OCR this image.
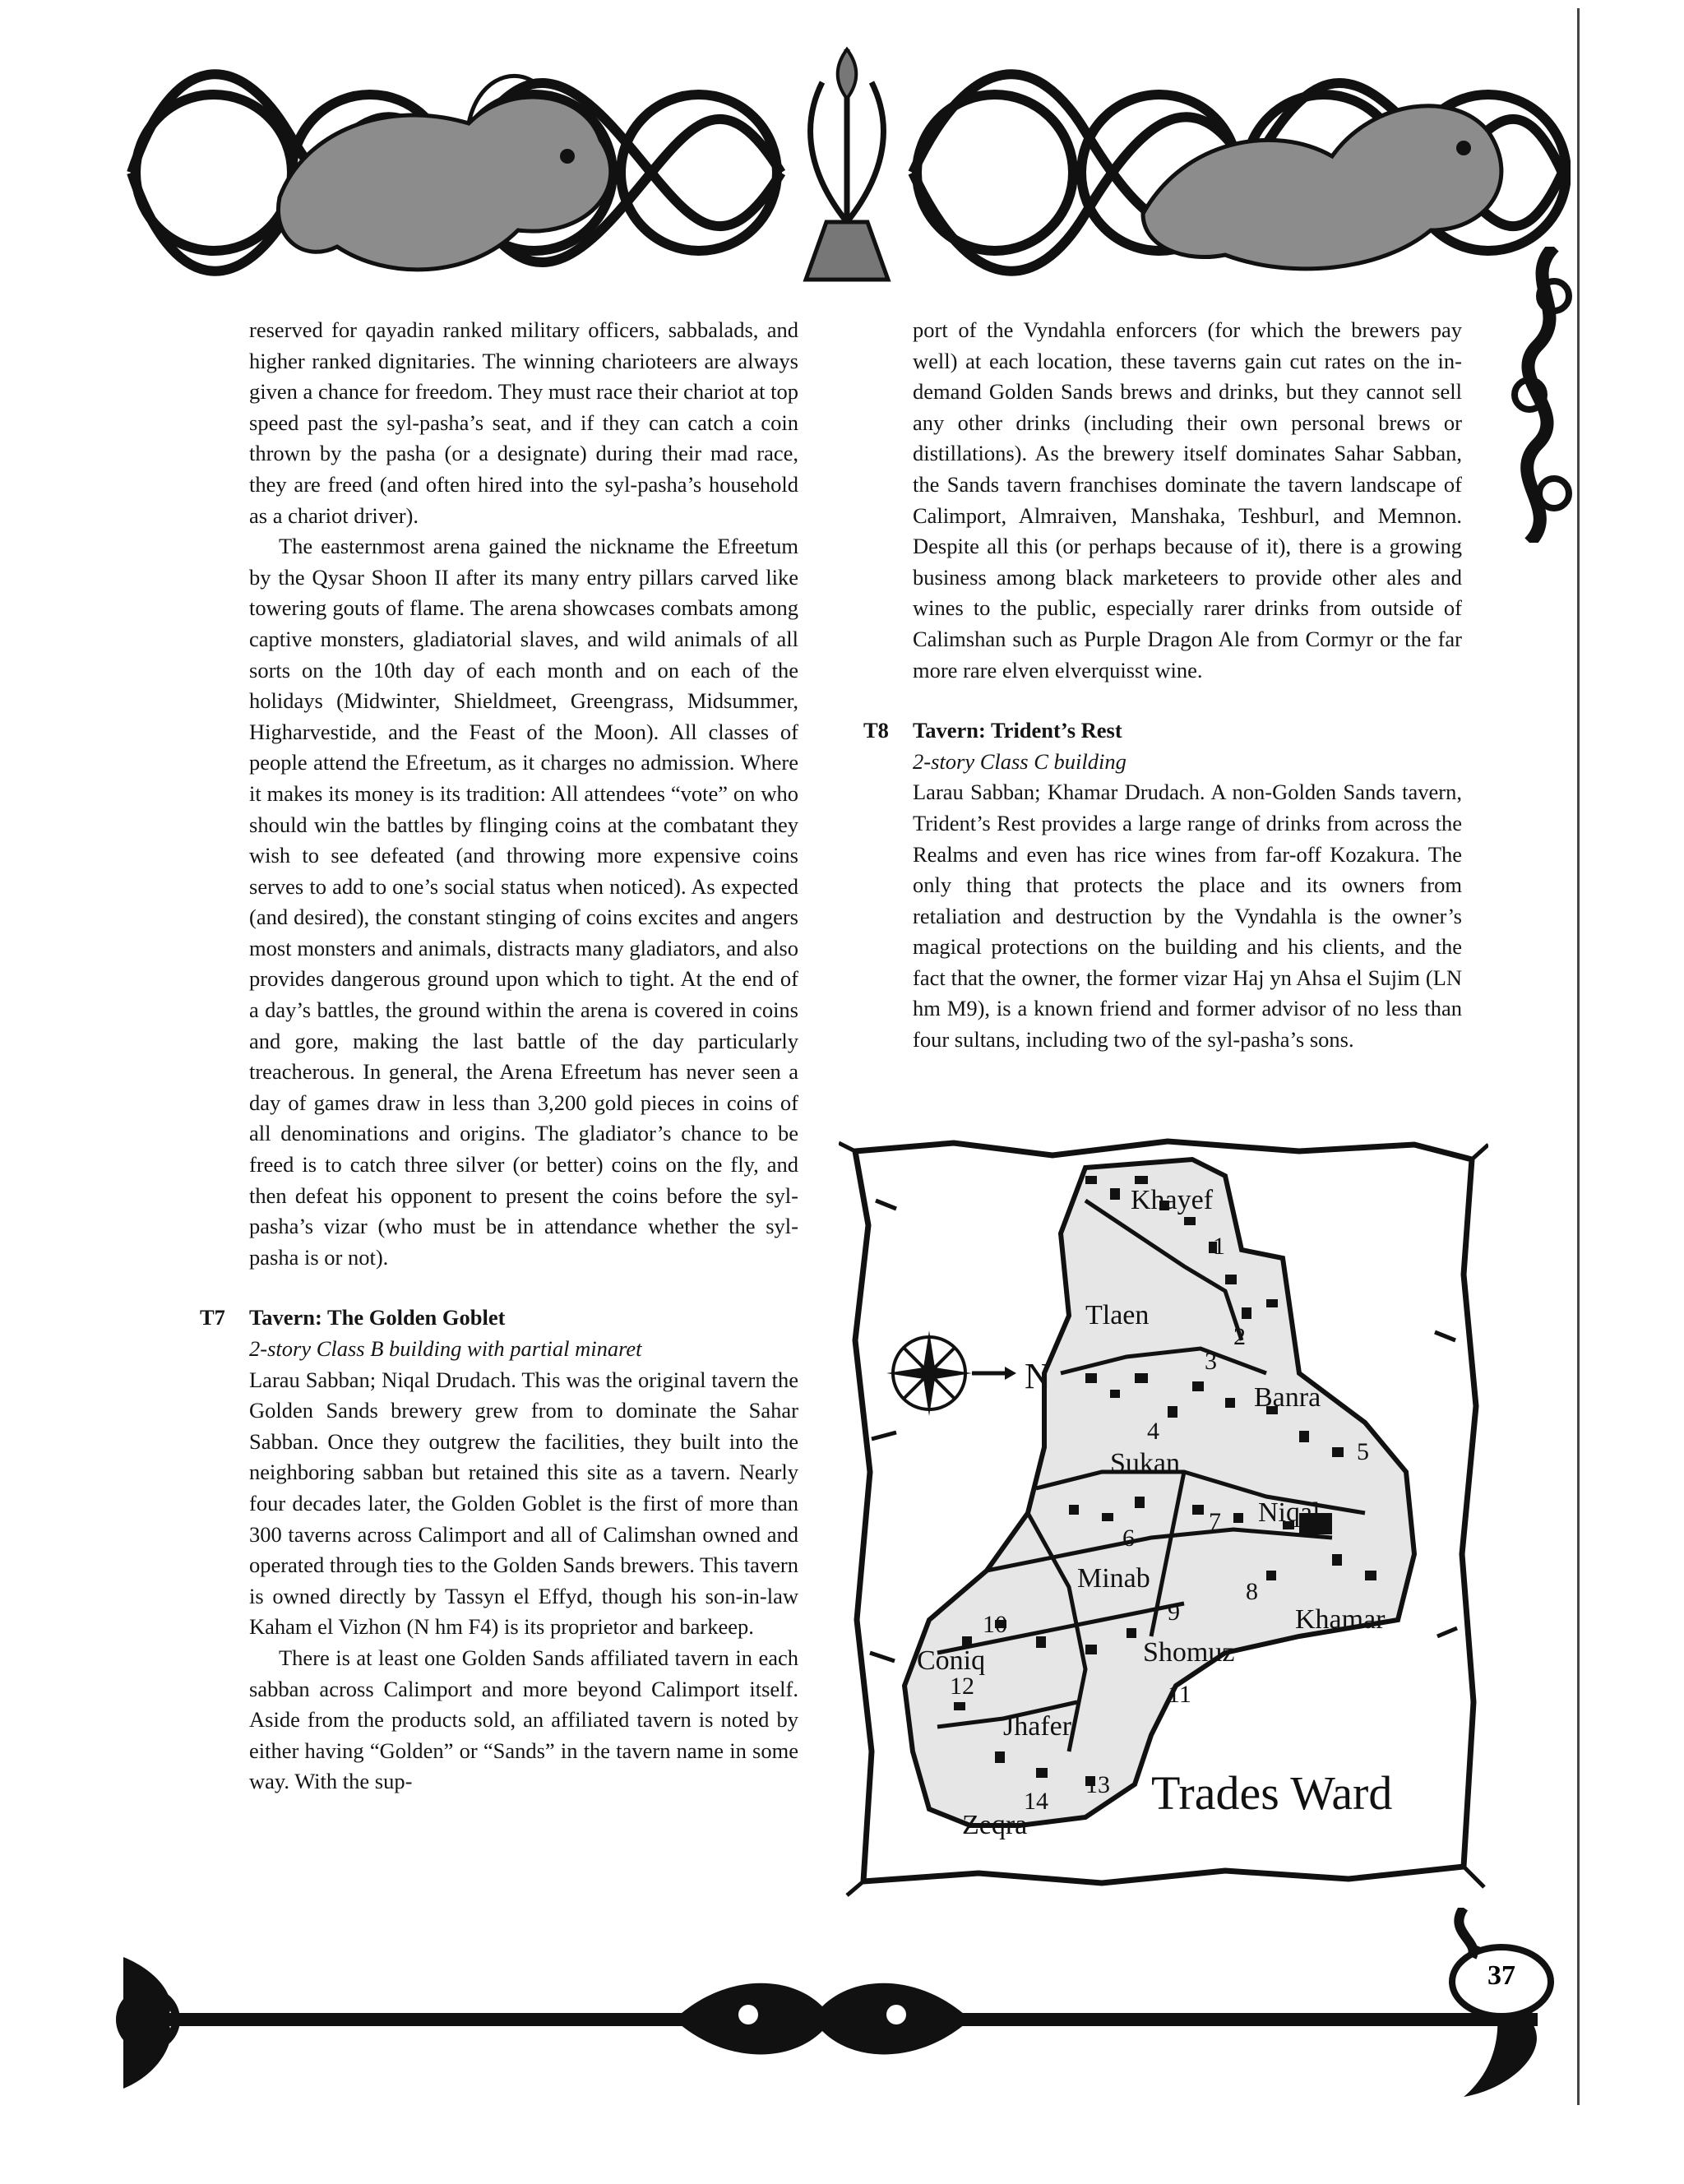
reserved for qayadin ranked military officers, sabbalads, and higher ranked dignitaries. The winning charioteers are always given a chance for freedom. They must race their chariot at top speed past the syl-pasha’s seat, and if they can catch a coin thrown by the pasha (or a designate) during their mad race, they are freed (and often hired into the syl-pasha’s household as a chariot driver).

The easternmost arena gained the nickname the Efreetum by the Qysar Shoon II after its many entry pillars carved like towering gouts of flame. The arena showcases combats among captive monsters, gladiatorial slaves, and wild animals of all sorts on the 10th day of each month and on each of the holidays (Midwinter, Shieldmeet, Greengrass, Midsummer, Higharvestide, and the Feast of the Moon). All classes of people attend the Efreetum, as it charges no admission. Where it makes its money is its tradition: All attendees “vote” on who should win the battles by flinging coins at the combatant they wish to see defeated (and throwing more expensive coins serves to add to one’s social status when noticed). As expected (and desired), the constant stinging of coins excites and angers most monsters and animals, distracts many gladiators, and also provides dangerous ground upon which to tight. At the end of a day’s battles, the ground within the arena is covered in coins and gore, making the last battle of the day particularly treacherous. In general, the Arena Efreetum has never seen a day of games draw in less than 3,200 gold pieces in coins of all denominations and origins. The gladiator’s chance to be freed is to catch three silver (or better) coins on the fly, and then defeat his opponent to present the coins before the syl-pasha’s vizar (who must be in attendance whether the syl-pasha is or not).

T7 Tavern: The Golden Goblet
2-story Class B building with partial minaret

Larau Sabban; Niqal Drudach. This was the original tavern the Golden Sands brewery grew from to dominate the Sahar Sabban. Once they outgrew the facilities, they built into the neighboring sabban but retained this site as a tavern. Nearly four decades later, the Golden Goblet is the first of more than 300 taverns across Calimport and all of Calimshan owned and operated through ties to the Golden Sands brewers. This tavern is owned directly by Tassyn el Effyd, though his son-in-law Kaham el Vizhon (N hm F4) is its proprietor and barkeep.

There is at least one Golden Sands affiliated tavern in each sabban across Calimport and more beyond Calimport itself. Aside from the products sold, an affiliated tavern is noted by either having “Golden” or “Sands” in the tavern name in some way. With the sup-

port of the Vyndahla enforcers (for which the brewers pay well) at each location, these taverns gain cut rates on the in-demand Golden Sands brews and drinks, but they cannot sell any other drinks (including their own personal brews or distillations). As the brewery itself dominates Sahar Sabban, the Sands tavern franchises dominate the tavern landscape of Calimport, Almraiven, Manshaka, Teshburl, and Memnon. Despite all this (or perhaps because of it), there is a growing business among black marketeers to provide other ales and wines to the public, especially rarer drinks from outside of Calimshan such as Purple Dragon Ale from Cormyr or the far more rare elven elverquisst wine.

T8 Tavern: Trident’s Rest
2-story Class C building

Larau Sabban; Khamar Drudach. A non-Golden Sands tavern, Trident’s Rest provides a large range of drinks from across the Realms and even has rice wines from far-off Kozakura. The only thing that protects the place and its owners from retaliation and destruction by the Vyndahla is the owner’s magical protections on the building and his clients, and the fact that the owner, the former vizar Haj yn Ahsa el Sujim (LN hm M9), is a known friend and former advisor of no less than four sultans, including two of the syl-pasha’s sons.

N
Khayef
Tlaen
Banra
Sukan
Niqal
Minab
Khamar
Shomuz
Coniq
Jhafer
Zeqra
1
2
3
4
5
6
7
8
9
10
11
12
13
14 Trades Ward
37
